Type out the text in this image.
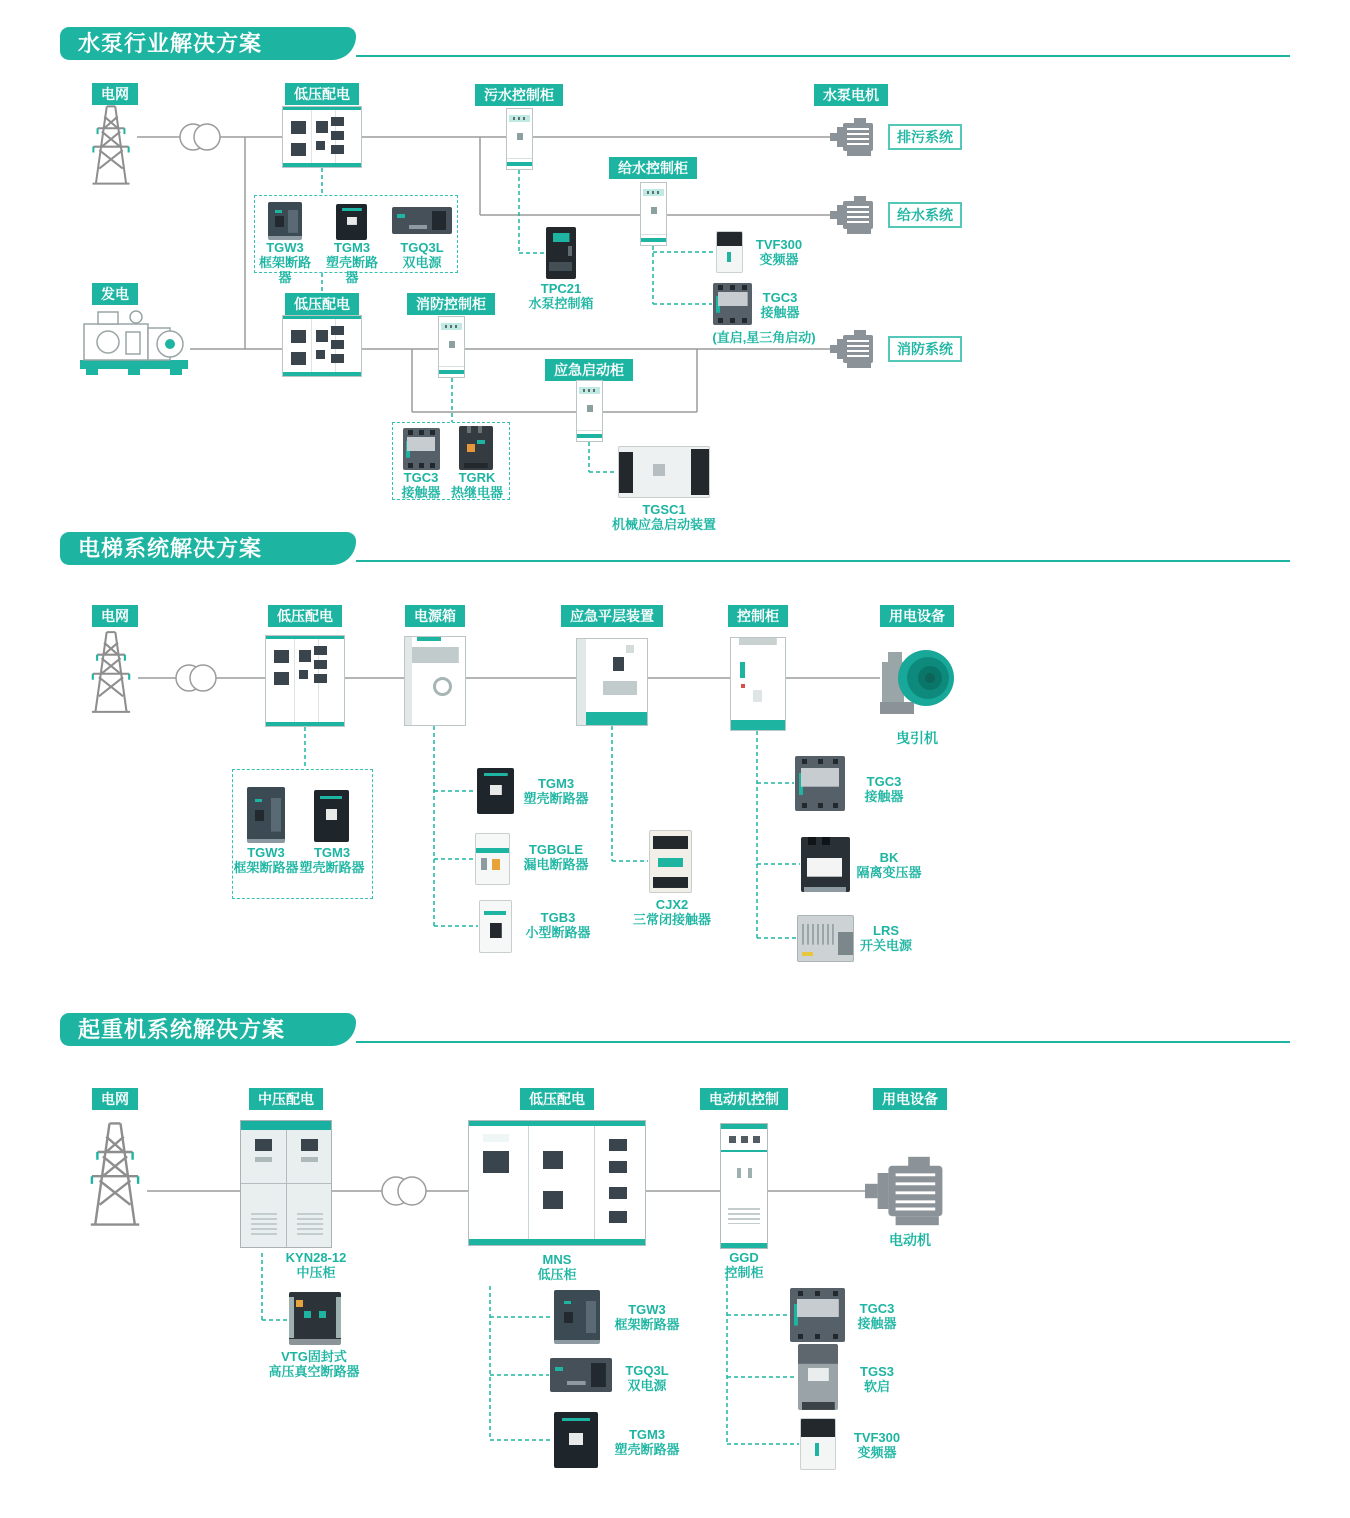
水泵行业解决方案
电网	低压配电	污水控制柜	水泵电机
排污系统
给水控制柜
给水系统
TGW3
框架断路器
TGM3
塑壳断路器
TGQ3L
双电源
TVF300
变频器
TGC3
接触器
(直启,星三角启动)
TPC21
水泵控制箱
发电
低压配电	消防控制柜
消防系统
应急启动柜
TGC3
接触器
TGRK
热继电器
TGSC1
机械应急启动装置
电梯系统解决方案
电网	低压配电	电源箱	应急平层装置	控制柜	用电设备
曳引机
TGW3
框架断路器
TGM3
塑壳断路器
TGM3
塑壳断路器
TGBGLE
漏电断路器
TGB3
小型断路器
CJX2
三常闭接触器
TGC3
接触器
BK
隔离变压器
LRS
开关电源
起重机系统解决方案
电网	中压配电
KYN28-12
中压柜
低压配电
MNS
低压柜
电动机控制
GGD
控制柜
用电设备
电动机
VTG固封式
高压真空断路器
TGW3
框架断路器
TGQ3L
双电源
TGM3
塑壳断路器
TGC3
接触器
TGS3
软启
TVF300
变频器
